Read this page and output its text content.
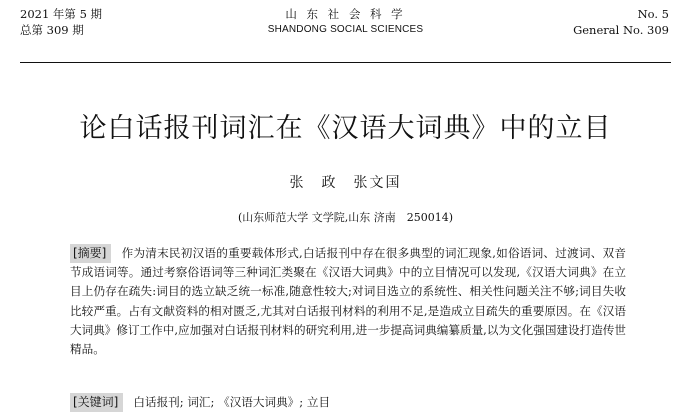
2021 年第 5 期
总第 309 期
山 东 社 会 科 学
SHANDONG SOCIAL SCIENCES
No. 5
General No. 309
论白话报刊词汇在《汉语大词典》中的立目
张　政　张文国
(山东师范大学 文学院,山东 济南　250014)
[摘要] 作为清末民初汉语的重要载体形式,白话报刊中存在很多典型的词汇现象,如俗语词、过渡词、双音节成语词等。通过考察俗语词等三种词汇类聚在《汉语大词典》中的立目情况可以发现,《汉语大词典》在立目上仍存在疏失:词目的选立缺乏统一标准,随意性较大;对词目选立的系统性、相关性问题关注不够;词目失收比较严重。占有文献资料的相对匮乏,尤其对白话报刊材料的利用不足,是造成立目疏失的重要原因。在《汉语大词典》修订工作中,应加强对白话报刊材料的研究利用,进一步提高词典编纂质量,以为文化强国建设打造传世精品。
[关键词] 白话报刊; 词汇; 《汉语大词典》; 立目
